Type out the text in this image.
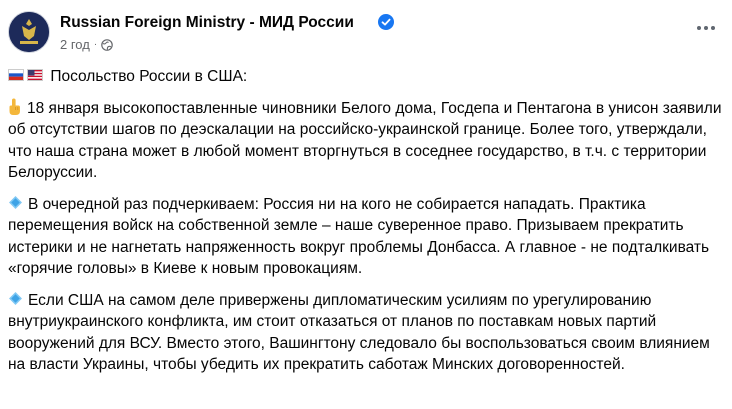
Russian Foreign Ministry - МИД России
2 год ·

Посольство России в США:

18 января высокопоставленные чиновники Белого дома, Госдепа и Пентагона в унисон заявили об отсутствии шагов по деэскалации на российско-украинской границе. Более того, утверждали, что наша страна может в любой момент вторгнуться в соседнее государство, в т.ч. с территории Белоруссии.

В очередной раз подчеркиваем: Россия ни на кого не собирается нападать. Практика перемещения войск на собственной земле – наше суверенное право. Призываем прекратить истерики и не нагнетать напряженность вокруг проблемы Донбасса. А главное - не подталкивать «горячие головы» в Киеве к новым провокациям.

Если США на самом деле привержены дипломатическим усилиям по урегулированию внутриукраинского конфликта, им стоит отказаться от планов по поставкам новых партий вооружений для ВСУ. Вместо этого, Вашингтону следовало бы воспользоваться своим влиянием на власти Украины, чтобы убедить их прекратить саботаж Минских договоренностей.
